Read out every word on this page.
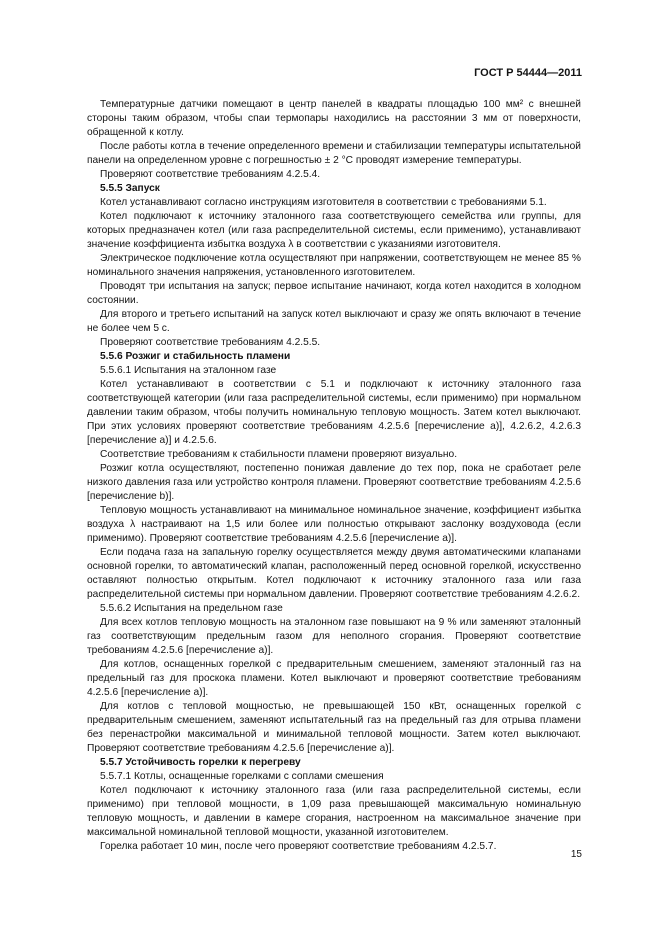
ГОСТ Р 54444—2011

Температурные датчики помещают в центр панелей в квадраты площадью 100 мм² с внешней стороны таким образом, чтобы спаи термопары находились на расстоянии 3 мм от поверхности, обращенной к котлу.

После работы котла в течение определенного времени и стабилизации температуры испытательной панели на определенном уровне с погрешностью ± 2 °С проводят измерение температуры.

Проверяют соответствие требованиям 4.2.5.4.

5.5.5 Запуск

Котел устанавливают согласно инструкциям изготовителя в соответствии с требованиями 5.1.

Котел подключают к источнику эталонного газа соответствующего семейства или группы, для которых предназначен котел (или газа распределительной системы, если применимо), устанавливают значение коэффициента избытка воздуха λ в соответствии с указаниями изготовителя.

Электрическое подключение котла осуществляют при напряжении, соответствующем не менее 85 % номинального значения напряжения, установленного изготовителем.

Проводят три испытания на запуск; первое испытание начинают, когда котел находится в холодном состоянии.

Для второго и третьего испытаний на запуск котел выключают и сразу же опять включают в течение не более чем 5 с.

Проверяют соответствие требованиям 4.2.5.5.

5.5.6 Розжиг и стабильность пламени

5.5.6.1 Испытания на эталонном газе

Котел устанавливают в соответствии с 5.1 и подключают к источнику эталонного газа соответствующей категории (или газа распределительной системы, если применимо) при нормальном давлении таким образом, чтобы получить номинальную тепловую мощность. Затем котел выключают. При этих условиях проверяют соответствие требованиям 4.2.5.6 [перечисление а)], 4.2.6.2, 4.2.6.3 [перечисление а)] и 4.2.5.6.

Соответствие требованиям к стабильности пламени проверяют визуально.

Розжиг котла осуществляют, постепенно понижая давление до тех пор, пока не сработает реле низкого давления газа или устройство контроля пламени. Проверяют соответствие требованиям 4.2.5.6 [перечисление b)].

Тепловую мощность устанавливают на минимальное номинальное значение, коэффициент избытка воздуха λ настраивают на 1,5 или более или полностью открывают заслонку воздуховода (если применимо). Проверяют соответствие требованиям 4.2.5.6 [перечисление а)].

Если подача газа на запальную горелку осуществляется между двумя автоматическими клапанами основной горелки, то автоматический клапан, расположенный перед основной горелкой, искусственно оставляют полностью открытым. Котел подключают к источнику эталонного газа или газа распределительной системы при нормальном давлении. Проверяют соответствие требованиям 4.2.6.2.

5.5.6.2 Испытания на предельном газе

Для всех котлов тепловую мощность на эталонном газе повышают на 9 % или заменяют эталонный газ соответствующим предельным газом для неполного сгорания. Проверяют соответствие требованиям 4.2.5.6 [перечисление а)].

Для котлов, оснащенных горелкой с предварительным смешением, заменяют эталонный газ на предельный газ для проскока пламени. Котел выключают и проверяют соответствие требованиям 4.2.5.6 [перечисление а)].

Для котлов с тепловой мощностью, не превышающей 150 кВт, оснащенных горелкой с предварительным смешением, заменяют испытательный газ на предельный газ для отрыва пламени без перенастройки максимальной и минимальной тепловой мощности. Затем котел выключают. Проверяют соответствие требованиям 4.2.5.6 [перечисление а)].

5.5.7 Устойчивость горелки к перегреву

5.5.7.1 Котлы, оснащенные горелками с соплами смешения

Котел подключают к источнику эталонного газа (или газа распределительной системы, если применимо) при тепловой мощности, в 1,09 раза превышающей максимальную номинальную тепловую мощность, и давлении в камере сгорания, настроенном на максимальное значение при максимальной номинальной тепловой мощности, указанной изготовителем.

Горелка работает 10 мин, после чего проверяют соответствие требованиям 4.2.5.7.

15
